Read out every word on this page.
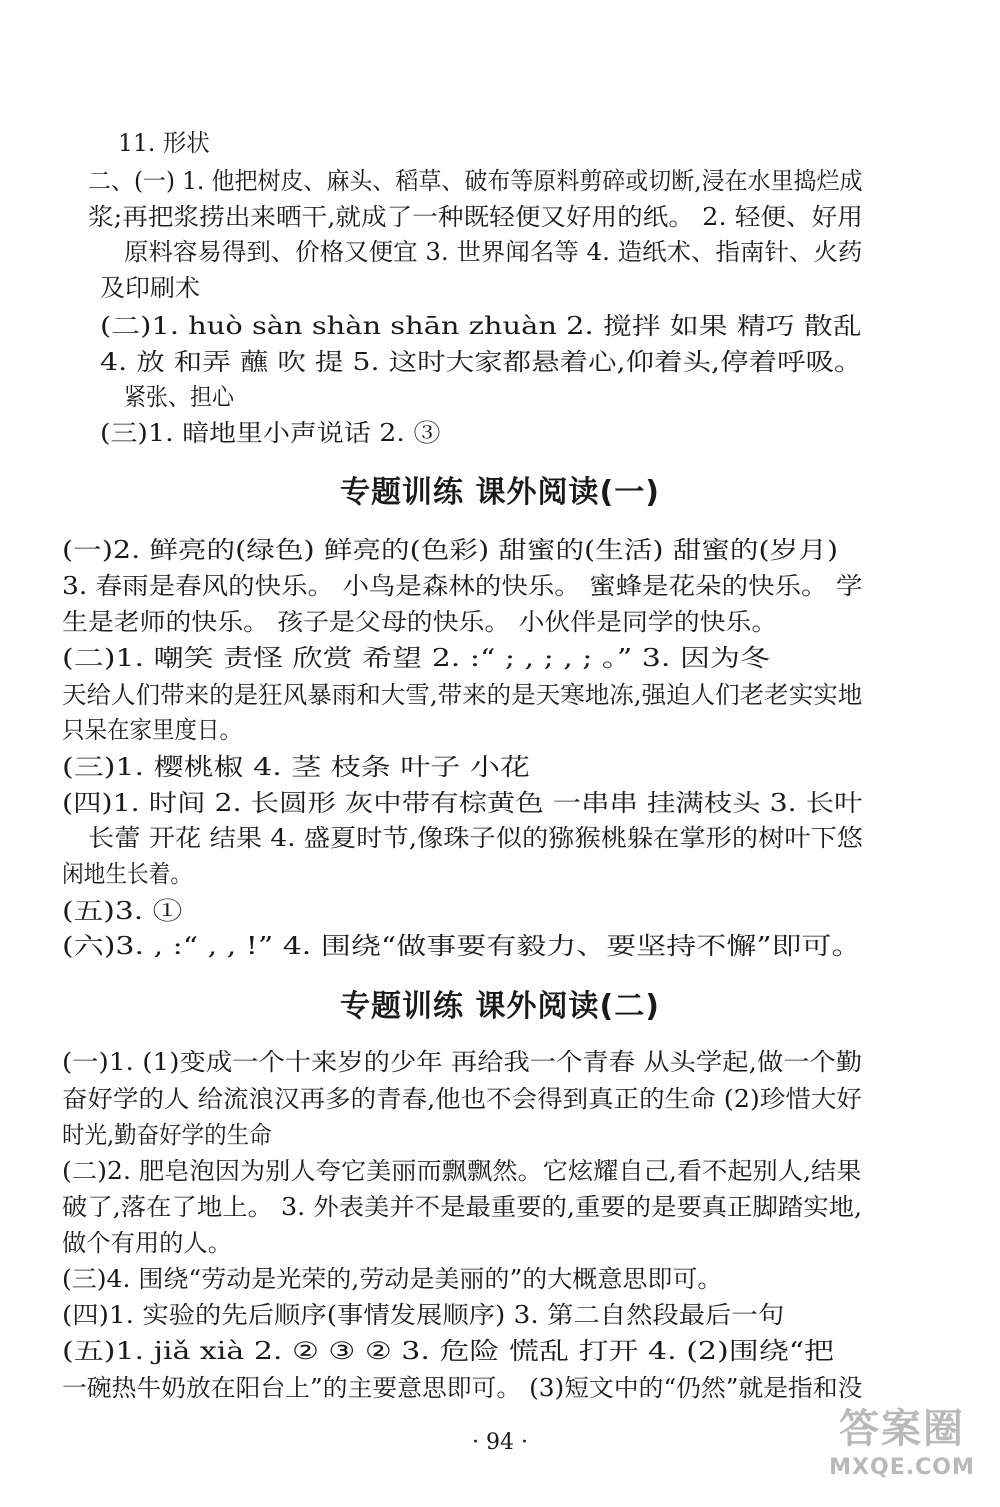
11. 形状
二、(一) 1. 他把树皮、麻头、稻草、破布等原料剪碎或切断,浸在水里捣烂成
浆;再把浆捞出来晒干,就成了一种既轻便又好用的纸。 2. 轻便、好用
原料容易得到、价格又便宜 3. 世界闻名等 4. 造纸术、指南针、火药
及印刷术
(二)1. huò sàn shàn shān zhuàn 2. 搅拌 如果 精巧 散乱
4. 放 和弄 蘸 吹 提 5. 这时大家都悬着心,仰着头,停着呼吸。
紧张、担心
(三)1. 暗地里小声说话 2. ③
专题训练 课外阅读(一)
(一)2. 鲜亮的(绿色) 鲜亮的(色彩) 甜蜜的(生活) 甜蜜的(岁月)
3. 春雨是春风的快乐。 小鸟是森林的快乐。 蜜蜂是花朵的快乐。 学
生是老师的快乐。 孩子是父母的快乐。 小伙伴是同学的快乐。
(二)1. 嘲笑 责怪 欣赏 希望 2. :“ ; , ; , ; 。” 3. 因为冬
天给人们带来的是狂风暴雨和大雪,带来的是天寒地冻,强迫人们老老实实地
只呆在家里度日。
(三)1. 樱桃椒 4. 茎 枝条 叶子 小花
(四)1. 时间 2. 长圆形 灰中带有棕黄色 一串串 挂满枝头 3. 长叶
长蕾 开花 结果 4. 盛夏时节,像珠子似的猕猴桃躲在掌形的树叶下悠
闲地生长着。
(五)3. ①
(六)3. , :“ , , !” 4. 围绕“做事要有毅力、要坚持不懈”即可。
专题训练 课外阅读(二)
(一)1. (1)变成一个十来岁的少年 再给我一个青春 从头学起,做一个勤
奋好学的人 给流浪汉再多的青春,他也不会得到真正的生命 (2)珍惜大好
时光,勤奋好学的生命
(二)2. 肥皂泡因为别人夸它美丽而飘飘然。它炫耀自己,看不起别人,结果
破了,落在了地上。 3. 外表美并不是最重要的,重要的是要真正脚踏实地,
做个有用的人。
(三)4. 围绕“劳动是光荣的,劳动是美丽的”的大概意思即可。
(四)1. 实验的先后顺序(事情发展顺序) 3. 第二自然段最后一句
(五)1. jiǎ xià 2. ② ③ ② 3. 危险 慌乱 打开 4. (2)围绕“把
一碗热牛奶放在阳台上”的主要意思即可。 (3)短文中的“仍然”就是指和没
· 94 ·	答案圈
MXQE.COM
